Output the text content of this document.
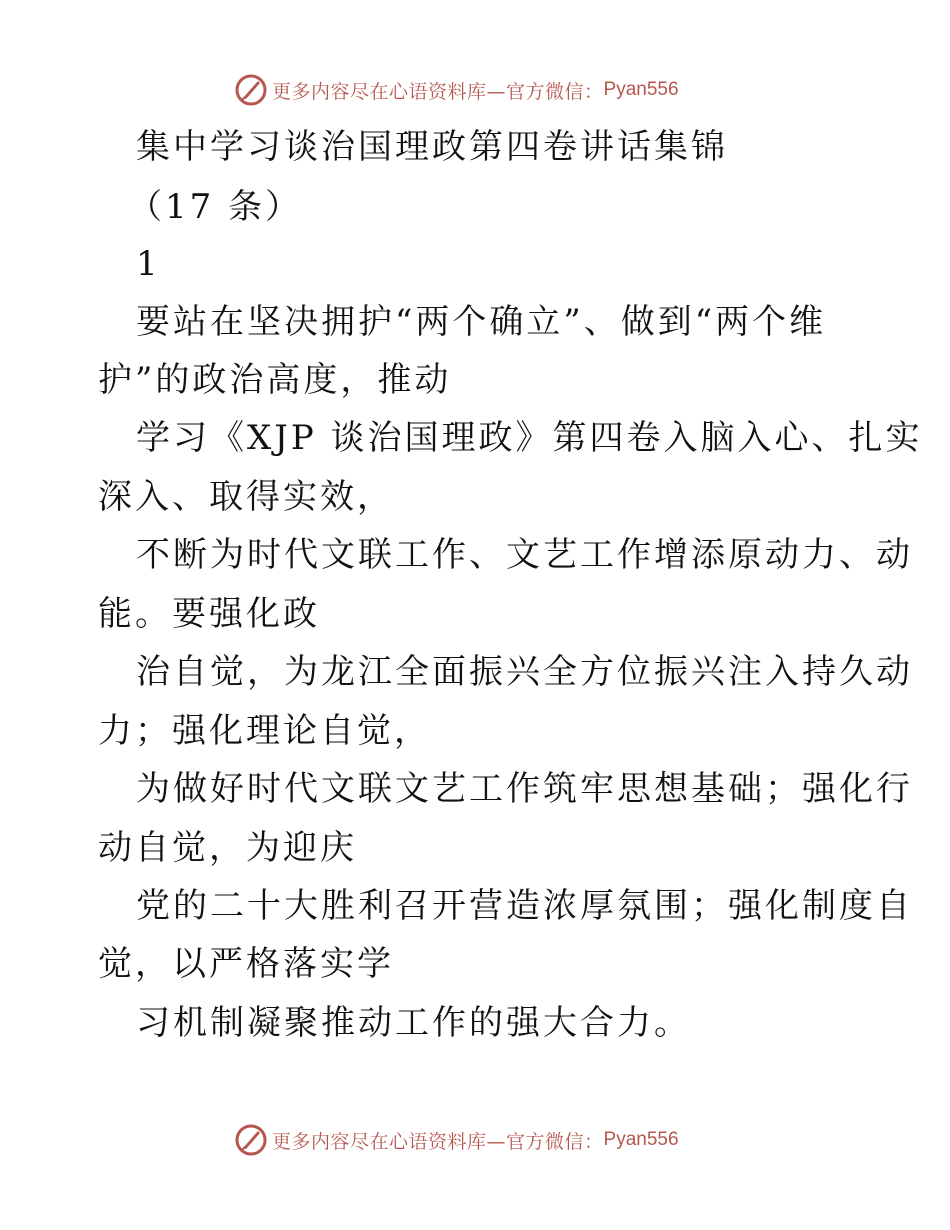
更多内容尽在心语资料库—官方微信： Pyan556
集中学习谈治国理政第四卷讲话集锦
（17 条）
1
要站在坚决拥护“两个确立”、做到“两个维
护”的政治高度，推动
学习《XJP 谈治国理政》第四卷入脑入心、扎实
深入、取得实效，
不断为时代文联工作、文艺工作增添原动力、动
能。要强化政
治自觉，为龙江全面振兴全方位振兴注入持久动
力；强化理论自觉，
为做好时代文联文艺工作筑牢思想基础；强化行
动自觉，为迎庆
党的二十大胜利召开营造浓厚氛围；强化制度自
觉，以严格落实学
习机制凝聚推动工作的强大合力。
更多内容尽在心语资料库—官方微信： Pyan556
